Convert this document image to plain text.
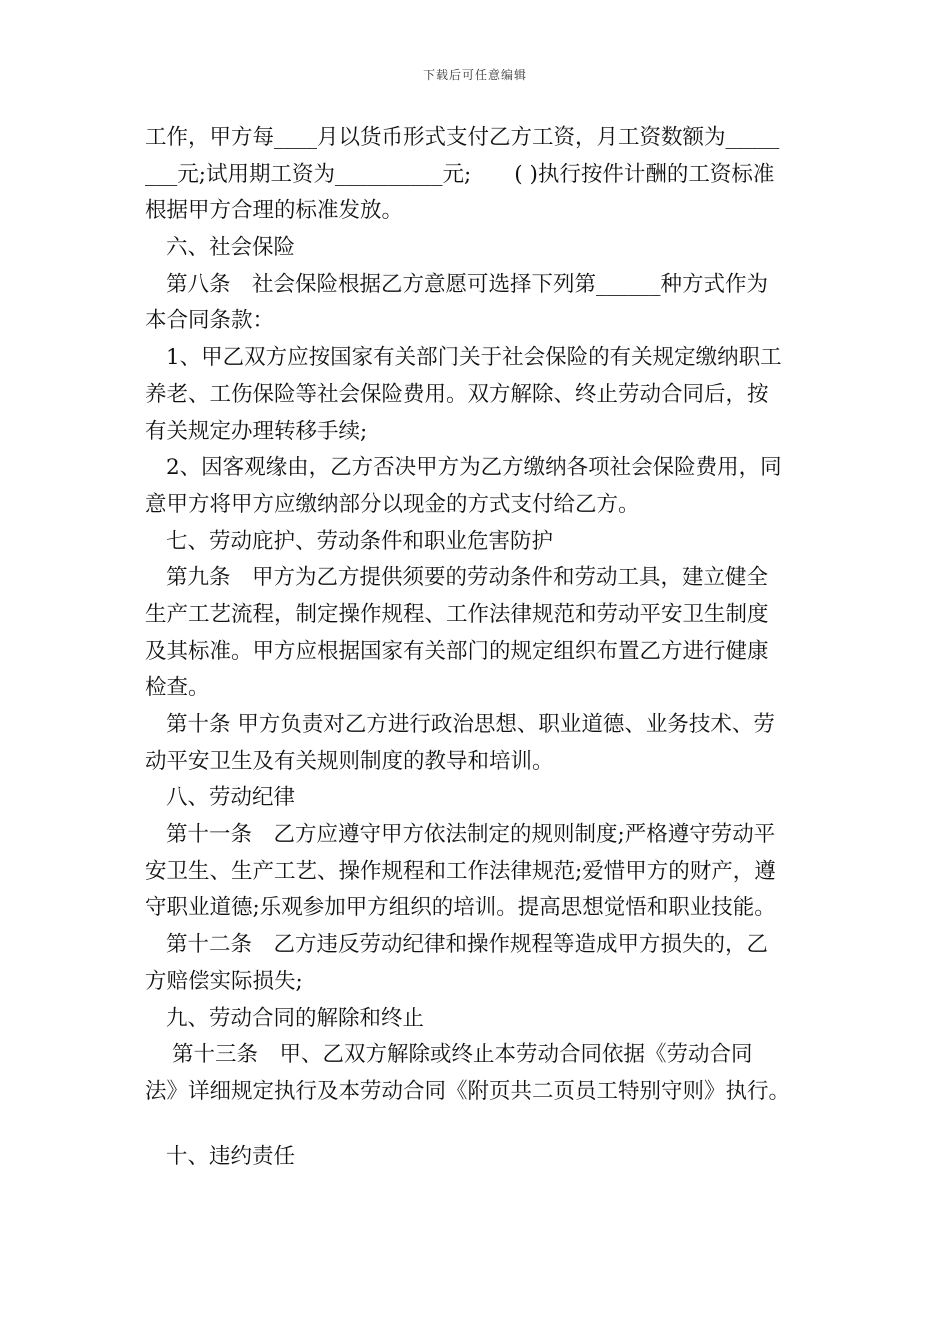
下载后可任意编辑
工作，甲方每____月以货币形式支付乙方工资，月工资数额为_____
___元;试用期工资为__________元;　　( )执行按件计酬的工资标准
根据甲方合理的标准发放。
六、社会保险
第八条　社会保险根据乙方意愿可选择下列第______种方式作为
本合同条款：
1、甲乙双方应按国家有关部门关于社会保险的有关规定缴纳职工
养老、工伤保险等社会保险费用。双方解除、终止劳动合同后，按
有关规定办理转移手续;
2、因客观缘由，乙方否决甲方为乙方缴纳各项社会保险费用，同
意甲方将甲方应缴纳部分以现金的方式支付给乙方。
七、劳动庇护、劳动条件和职业危害防护
第九条　甲方为乙方提供须要的劳动条件和劳动工具，建立健全
生产工艺流程，制定操作规程、工作法律规范和劳动平安卫生制度
及其标准。甲方应根据国家有关部门的规定组织布置乙方进行健康
检查。
第十条 甲方负责对乙方进行政治思想、职业道德、业务技术、劳
动平安卫生及有关规则制度的教导和培训。
八、劳动纪律
第十一条　乙方应遵守甲方依法制定的规则制度;严格遵守劳动平
安卫生、生产工艺、操作规程和工作法律规范;爱惜甲方的财产，遵
守职业道德;乐观参加甲方组织的培训。提高思想觉悟和职业技能。
第十二条　乙方违反劳动纪律和操作规程等造成甲方损失的，乙
方赔偿实际损失;
九、劳动合同的解除和终止
第十三条　甲、乙双方解除或终止本劳动合同依据《劳动合同
法》详细规定执行及本劳动合同《附页共二页员工特别守则》执行。
十、违约责任
